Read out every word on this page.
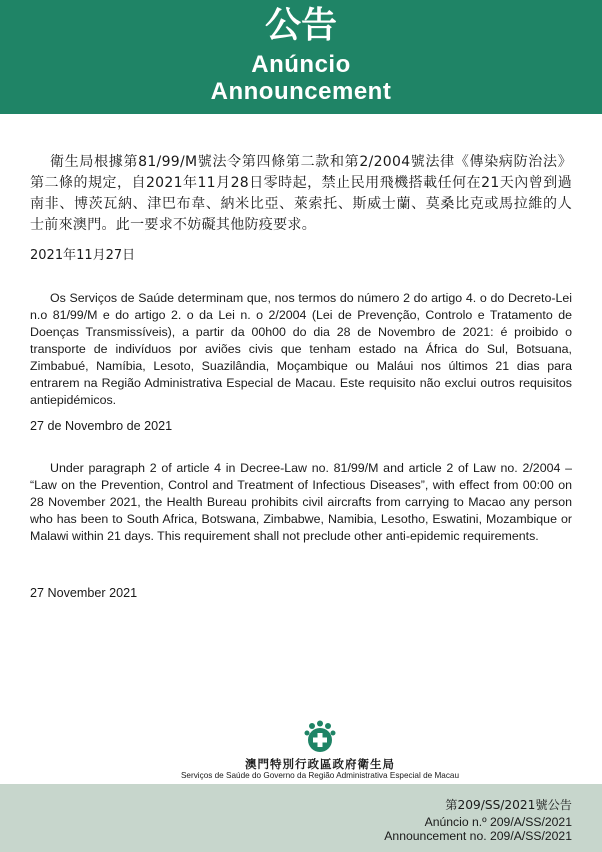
公告
Anúncio
Announcement

衛生局根據第81/99/M號法令第四條第二款和第2/2004號法律《傳染病防治法》第二條的規定，自2021年11月28日零時起，禁止民用飛機搭載任何在21天內曾到過南非、博茨瓦納、津巴布韋、納米比亞、萊索托、斯威士蘭、莫桑比克或馬拉維的人士前來澳門。此一要求不妨礙其他防疫要求。

2021年11月27日

Os Serviços de Saúde determinam que, nos termos do número 2 do artigo 4. o do Decreto-Lei n.o 81/99/M e do artigo 2. o da Lei n. o 2/2004 (Lei de Prevenção, Controlo e Tratamento de Doenças Transmissíveis), a partir da 00h00 do dia 28 de Novembro de 2021: é proibido o transporte de indivíduos por aviões civis que tenham estado na África do Sul, Botsuana, Zimbabué, Namíbia, Lesoto, Suazilândia, Moçambique ou Maláui nos últimos 21 dias para entrarem na Região Administrativa Especial de Macau. Este requisito não exclui outros requisitos antiepidémicos.

27 de Novembro de 2021

Under paragraph 2 of article 4 in Decree-Law no. 81/99/M and article 2 of Law no. 2/2004 – “Law on the Prevention, Control and Treatment of Infectious Diseases”, with effect from 00:00 on 28 November 2021, the Health Bureau prohibits civil aircrafts from carrying to Macao any person who has been to South Africa, Botswana, Zimbabwe, Namibia, Lesotho, Eswatini, Mozambique or Malawi within 21 days. This requirement shall not preclude other anti-epidemic requirements.

27 November 2021

澳門特別行政區政府衛生局
Serviços de Saúde do Governo da Região Administrativa Especial de Macau
第209/SS/2021號公告
Anúncio n.º 209/A/SS/2021
Announcement no. 209/A/SS/2021
